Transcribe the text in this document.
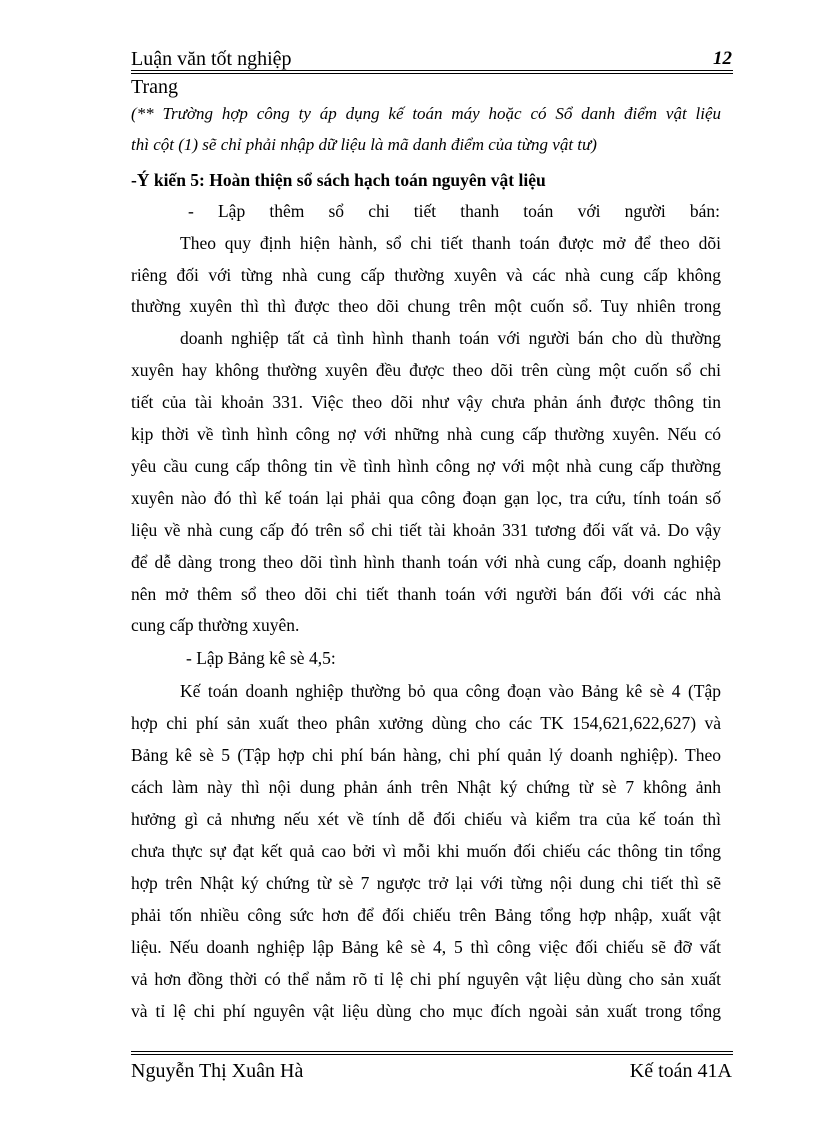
Luận văn tốt nghiệp	12
Trang
(** Trường hợp công ty áp dụng kế toán máy hoặc có Sổ danh điểm vật liệu
thì cột (1) sẽ chỉ phải nhập dữ liệu là mã danh điểm của từng vật tư)
-Ý kiến 5: Hoàn thiện sổ sách hạch toán nguyên vật liệu
- Lập thêm sổ chi tiết thanh toán với người bán:
Theo quy định hiện hành, sổ chi tiết thanh toán được mở để theo dõi
riêng đối với từng nhà cung cấp thường xuyên và các nhà cung cấp không
thường xuyên thì thì được theo dõi chung trên một cuốn sổ. Tuy nhiên trong
doanh nghiệp tất cả tình hình thanh toán với người bán cho dù thường
xuyên hay không thường xuyên đều được theo dõi trên cùng một cuốn sổ chi
tiết của tài khoản 331. Việc theo dõi như vậy chưa phản ánh được thông tin
kịp thời về tình hình công nợ với những nhà cung cấp thường xuyên. Nếu có
yêu cầu cung cấp thông tin về tình hình công nợ với một nhà cung cấp thường
xuyên nào đó thì kế toán lại phải qua công đoạn gạn lọc, tra cứu, tính toán số
liệu về nhà cung cấp đó trên sổ chi tiết tài khoản 331 tương đối vất vả. Do vậy
để dễ dàng trong theo dõi tình hình thanh toán với nhà cung cấp, doanh nghiệp
nên mở thêm sổ theo dõi chi tiết thanh toán với người bán đối với các nhà
cung cấp thường xuyên.
- Lập Bảng kê sè 4,5:
Kế toán doanh nghiệp thường bỏ qua công đoạn vào Bảng kê sè 4 (Tập
hợp chi phí sản xuất theo phân xưởng dùng cho các TK 154,621,622,627) và
Bảng kê sè 5 (Tập hợp chi phí bán hàng, chi phí quản lý doanh nghiệp). Theo
cách làm này thì nội dung phản ánh trên Nhật ký chứng từ sè 7 không ảnh
hưởng gì cả nhưng nếu xét về tính dễ đối chiếu và kiểm tra của kế toán thì
chưa thực sự đạt kết quả cao bởi vì mỗi khi muốn đối chiếu các thông tin tổng
hợp trên Nhật ký chứng từ sè 7 ngược trở lại với từng nội dung chi tiết thì sẽ
phải tốn nhiều công sức hơn để đối chiếu trên Bảng tổng hợp nhập, xuất vật
liệu. Nếu doanh nghiệp lập Bảng kê sè 4, 5 thì công việc đối chiếu sẽ đỡ vất
vả hơn đồng thời có thể nắm rõ tỉ lệ chi phí nguyên vật liệu dùng cho sản xuất
và tỉ lệ chi phí nguyên vật liệu dùng cho mục đích ngoài sản xuất trong tổng
Nguyễn Thị Xuân Hà	Kế toán 41A
